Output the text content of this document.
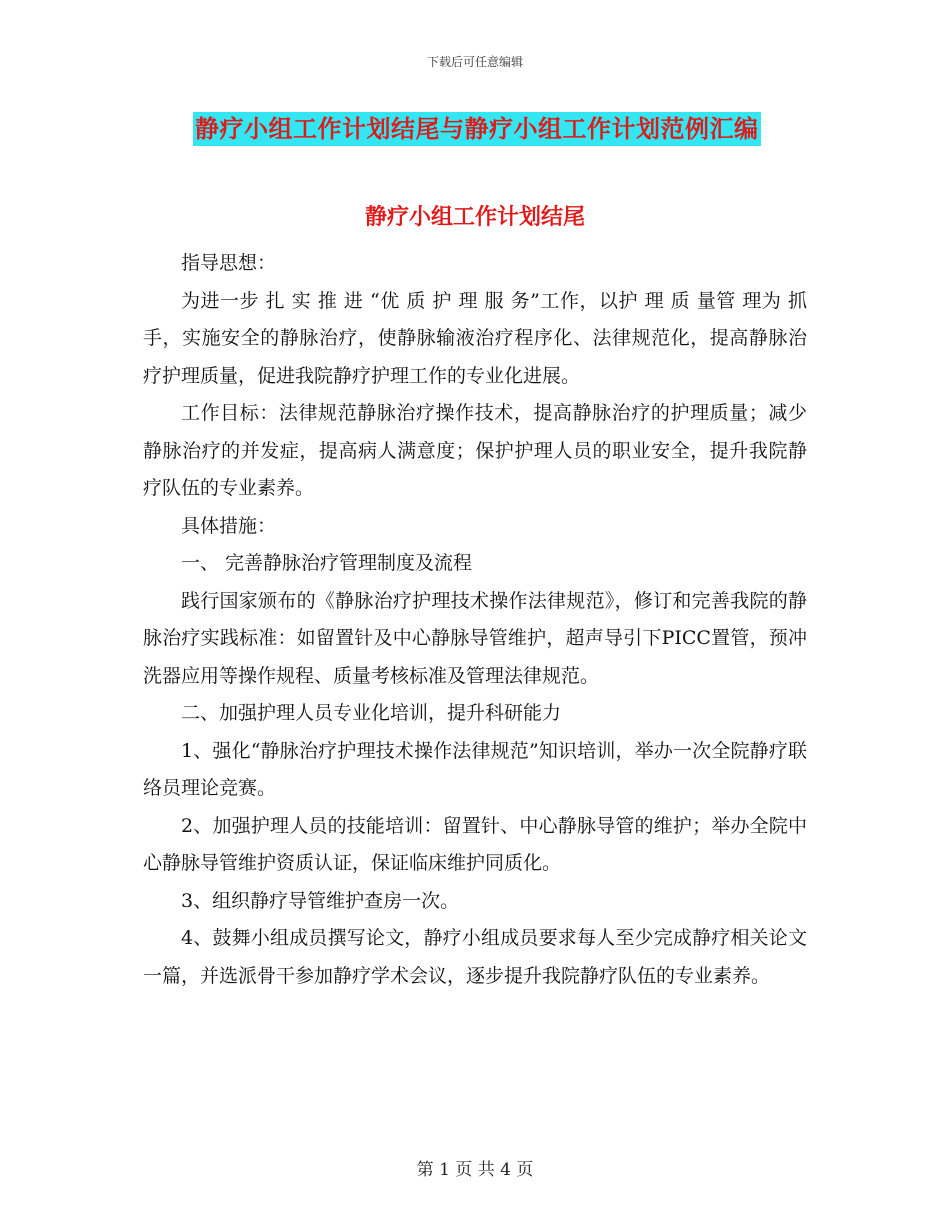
下载后可任意编辑
静疗小组工作计划结尾与静疗小组工作计划范例汇编
静疗小组工作计划结尾

指导思想：

为进一步 扎 实 推 进 “优 质 护 理 服 务”工作，以护 理 质 量管 理为 抓手，实施安全的静脉治疗，使静脉输液治疗程序化、法律规范化，提高静脉治疗护理质量，促进我院静疗护理工作的专业化进展。

工作目标：法律规范静脉治疗操作技术，提高静脉治疗的护理质量；减少静脉治疗的并发症，提高病人满意度；保护护理人员的职业安全，提升我院静疗队伍的专业素养。

具体措施：

一、 完善静脉治疗管理制度及流程

践行国家颁布的《静脉治疗护理技术操作法律规范》，修订和完善我院的静脉治疗实践标准：如留置针及中心静脉导管维护，超声导引下PICC置管，预冲洗器应用等操作规程、质量考核标准及管理法律规范。

二、加强护理人员专业化培训，提升科研能力

1、强化“静脉治疗护理技术操作法律规范”知识培训，举办一次全院静疗联络员理论竞赛。

2、加强护理人员的技能培训：留置针、中心静脉导管的维护；举办全院中心静脉导管维护资质认证，保证临床维护同质化。

3、组织静疗导管维护查房一次。

4、鼓舞小组成员撰写论文，静疗小组成员要求每人至少完成静疗相关论文一篇，并选派骨干参加静疗学术会议，逐步提升我院静疗队伍的专业素养。

第 1 页 共 4 页
